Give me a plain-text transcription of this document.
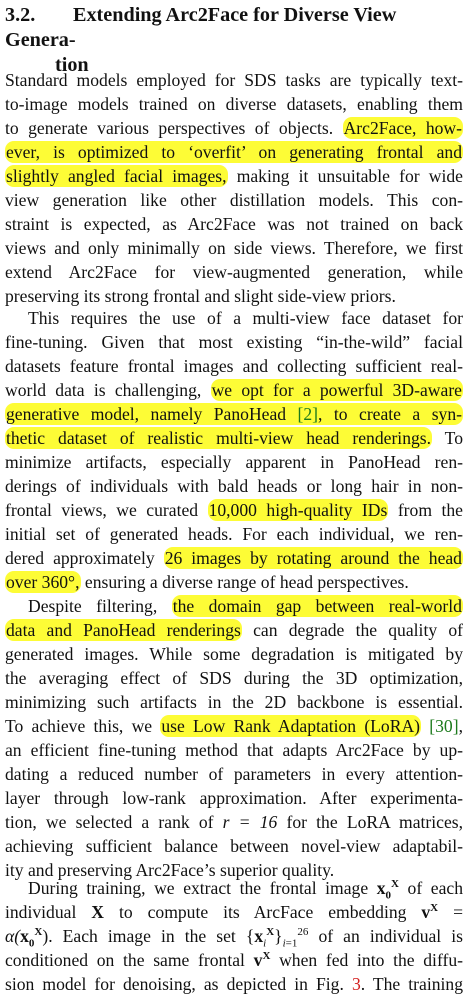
3.2. Extending Arc2Face for Diverse View Genera-
tion
Standard models employed for SDS tasks are typically text-
to-image models trained on diverse datasets, enabling them
to generate various perspectives of objects. Arc2Face, how-
ever, is optimized to ‘overfit’ on generating frontal and
slightly angled facial images, making it unsuitable for wide
view generation like other distillation models. This con-
straint is expected, as Arc2Face was not trained on back
views and only minimally on side views. Therefore, we first
extend Arc2Face for view-augmented generation, while
preserving its strong frontal and slight side-view priors.
This requires the use of a multi-view face dataset for
fine-tuning. Given that most existing “in-the-wild” facial
datasets feature frontal images and collecting sufficient real-
world data is challenging, we opt for a powerful 3D-aware
generative model, namely PanoHead [2], to create a syn-
thetic dataset of realistic multi-view head renderings. To
minimize artifacts, especially apparent in PanoHead ren-
derings of individuals with bald heads or long hair in non-
frontal views, we curated 10,000 high-quality IDs from the
initial set of generated heads. For each individual, we ren-
dered approximately 26 images by rotating around the head
over 360°, ensuring a diverse range of head perspectives.
Despite filtering, the domain gap between real-world
data and PanoHead renderings can degrade the quality of
generated images. While some degradation is mitigated by
the averaging effect of SDS during the 3D optimization,
minimizing such artifacts in the 2D backbone is essential.
To achieve this, we use Low Rank Adaptation (LoRA) [30],
an efficient fine-tuning method that adapts Arc2Face by up-
dating a reduced number of parameters in every attention-
layer through low-rank approximation. After experimenta-
tion, we selected a rank of r = 16 for the LoRA matrices,
achieving sufficient balance between novel-view adaptabil-
ity and preserving Arc2Face’s superior quality.
During training, we extract the frontal image $x_0^X$ of each
individual X to compute its ArcFace embedding $v^X$ =
$\alpha(x_0^X)$. Each image in the set $\{x_i^X\}_{i=1}^{26}$ of an individual is
conditioned on the same frontal $v^X$ when fed into the diffu-
sion model for denoising, as depicted in Fig. 3. The training
